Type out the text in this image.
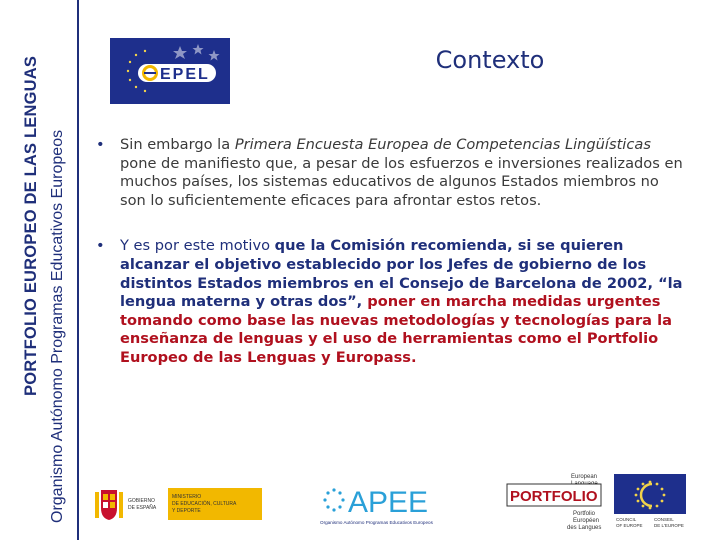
PORTFOLIO EUROPEO DE LAS LENGUAS Organismo Autónomo Programas Educativos Europeos
EPEL
Contexto
• Sin embargo la Primera Encuesta Europea de Competencias Lingüísticas pone de manifiesto que, a pesar de los esfuerzos e inversiones realizados en muchos países, los sistemas educativos de algunos Estados miembros no son lo suficientemente eficaces para afrontar estos retos.
• Y es por este motivo que la Comisión recomienda, si se quieren alcanzar el objetivo establecido por los Jefes de gobierno de los distintos Estados miembros en el Consejo de Barcelona de 2002, “la lengua materna y otras dos”, poner en marcha medidas urgentes tomando como base las nuevas metodologías y tecnologías para la enseñanza de lenguas y el uso de herramientas como el Portfolio Europeo de las Lenguas y Europass.
GOBIERNO
DE ESPAÑA
MINISTERIO
DE EDUCACIÓN, CULTURA
Y DEPORTE	APEE
Organismo Autónomo Programas Educativos Europeos
European
PORTFOLIO
Portfolio
Européen
des Langues
COUNCIL
OF EUROPE
CONSEIL
DE L'EUROPE
